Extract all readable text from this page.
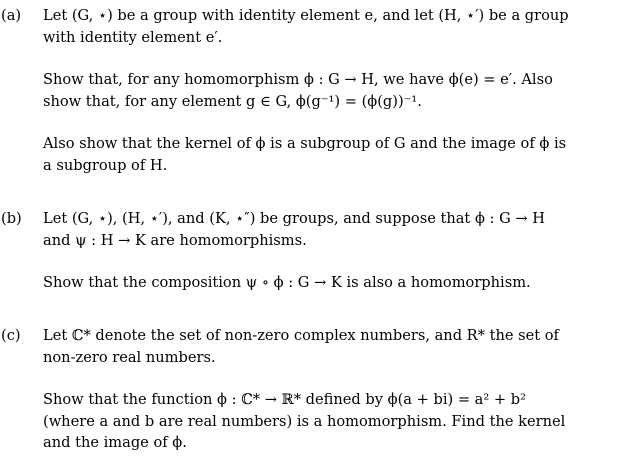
(a) Let (G, ⋆) be a group with identity element e, and let (H, ⋆′) be a group
with identity element e′.
Show that, for any homomorphism ϕ : G → H, we have ϕ(e) = e′. Also
show that, for any element g ∈ G, ϕ(g⁻¹) = (ϕ(g))⁻¹.
Also show that the kernel of ϕ is a subgroup of G and the image of ϕ is
a subgroup of H.
(b) Let (G, ⋆), (H, ⋆′), and (K, ⋆″) be groups, and suppose that ϕ : G → H
and ψ : H → K are homomorphisms.
Show that the composition ψ ∘ ϕ : G → K is also a homomorphism.
(c) Let ℂ* denote the set of non-zero complex numbers, and R* the set of
non-zero real numbers.
Show that the function ϕ : ℂ* → ℝ* defined by ϕ(a + bi) = a² + b²
(where a and b are real numbers) is a homomorphism. Find the kernel
and the image of ϕ.
